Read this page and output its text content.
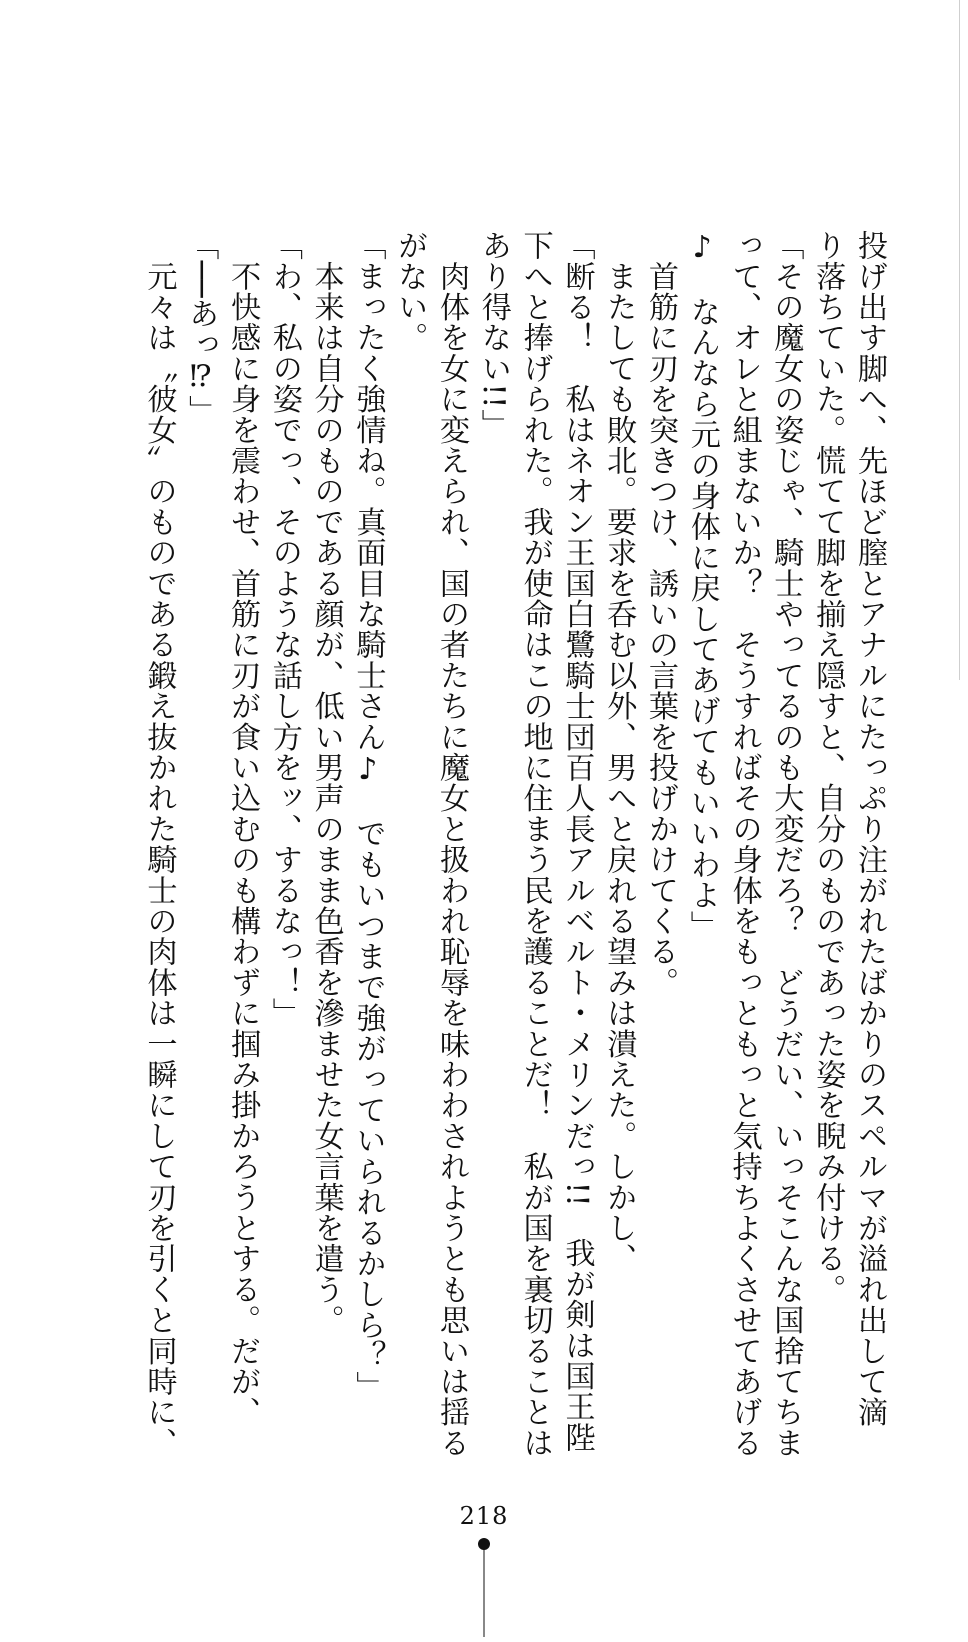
投げ出す脚へ、先ほど膣とアナルにたっぷり注がれたばかりのスペルマが溢れ出して滴

り落ちていた。慌てて脚を揃え隠すと、自分のものであった姿を睨み付ける。

「その魔女の姿じゃ、騎士やってるのも大変だろ？　どうだい、いっそこんな国捨てちま

って、オレと組まないか？　そうすればその身体をもっともっと気持ちよくさせてあげる

♪　なんなら元の身体に戻してあげてもいいわよ」

　首筋に刃を突きつけ、誘いの言葉を投げかけてくる。

　またしても敗北。要求を呑む以外、男へと戻れる望みは潰えた。しかし、

「断る！　私はネオン王国白鷺騎士団百人長アルベルト・メリンだっ!!　我が剣は国王陛

下へと捧げられた。我が使命はこの地に住まう民を護ることだ！　私が国を裏切ることは

あり得ない!!」

　肉体を女に変えられ、国の者たちに魔女と扱われ恥辱を味わわされようとも思いは揺る

がない。

「まったく強情ね。真面目な騎士さん♪　でもいつまで強がっていられるかしら？」

　本来は自分のものである顔が、低い男声のまま色香を滲ませた女言葉を遣う。

「わ、私の姿でっ、そのような話し方をッ、するなっ！」

　不快感に身を震わせ、首筋に刃が食い込むのも構わずに掴み掛かろうとする。だが、

「──あっ⁉」

　元々は〝彼女〟のものである鍛え抜かれた騎士の肉体は一瞬にして刃を引くと同時に、

218
